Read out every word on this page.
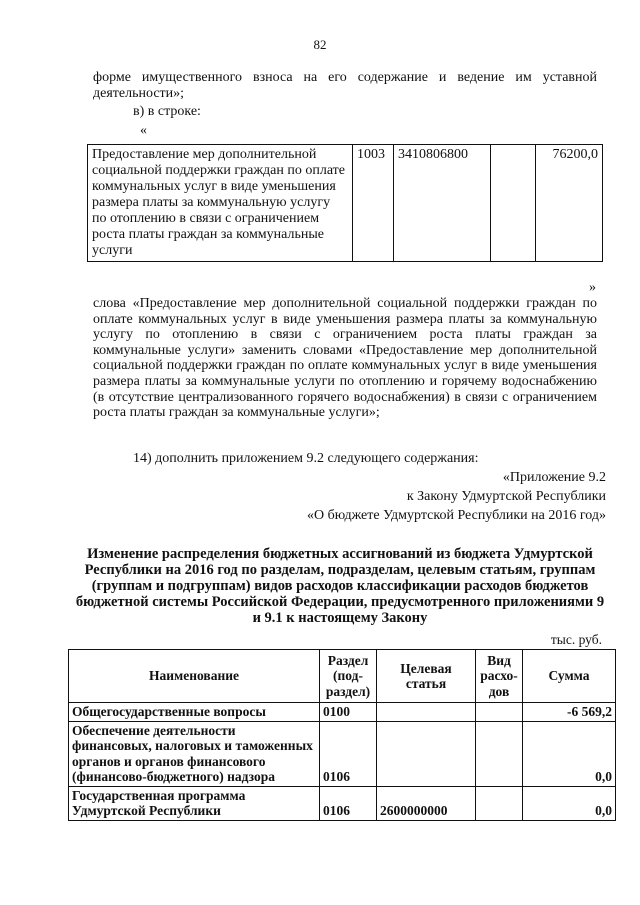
82
форме имущественного взноса на его содержание и ведение им уставной
деятельности»;
в) в строке:
«
Предоставление мер дополнительной социальной поддержки граждан по оплате коммунальных услуг в виде уменьшения размера платы за коммунальную услугу по отоплению в связи с ограничением роста платы граждан за коммунальные услуги	1003	3410806800		76200,0
»
слова «Предоставление мер дополнительной социальной поддержки граждан по оплате коммунальных услуг в виде уменьшения размера платы за коммунальную услугу по отоплению в связи с ограничением роста платы граждан за коммунальные услуги» заменить словами «Предоставление мер дополнительной социальной поддержки граждан по оплате коммунальных услуг в виде уменьшения размера платы за коммунальные услуги по отоплению и горячему водоснабжению (в отсутствие централизованного горячего водоснабжения) в связи с ограничением роста платы граждан за коммунальные услуги»;
14) дополнить приложением 9.2 следующего содержания:
«Приложение 9.2
к Закону Удмуртской Республики
«О бюджете Удмуртской Республики на 2016 год»
Изменение распределения бюджетных ассигнований из бюджета Удмуртской Республики на 2016 год по разделам, подразделам, целевым статьям, группам (группам и подгруппам) видов расходов классификации расходов бюджетов бюджетной системы Российской Федерации, предусмотренного приложениями 9 и 9.1 к настоящему Закону
тыс. руб.
Наименование	Раздел (под-раздел)	Целевая статья	Вид расхо-дов	Сумма
Общегосударственные вопросы	0100			-6 569,2
Обеспечение деятельности финансовых, налоговых и таможенных органов и органов финансового (финансово-бюджетного) надзора	0106			0,0
Государственная программа Удмуртской Республики	0106	2600000000		0,0
